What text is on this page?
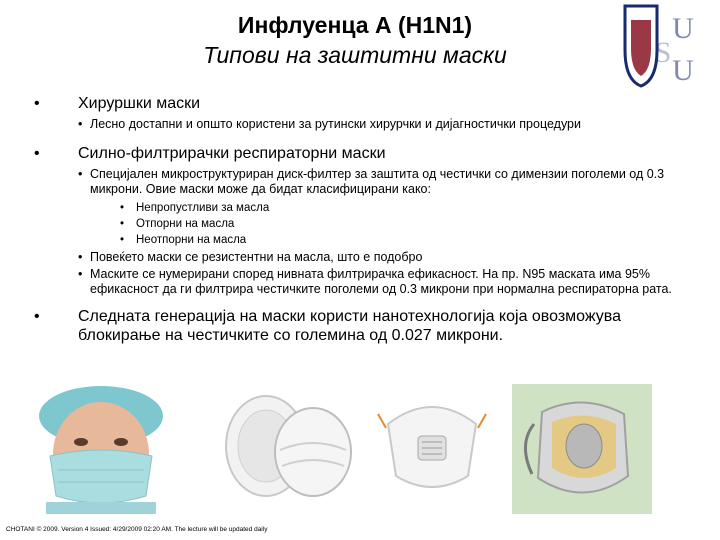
Инфлуенца А (H1N1)
Типови на заштитни маски
U
U
S
• Хируршки маски
• Лесно достапни и општо користени за рутински хирурчки и дијагностички процедури
• Силно-филтрирачки респираторни маски
• Специјален микроструктуриран диск-филтер за заштита од честички со димензии поголеми од 0.3 микрони. Овие маски може да бидат класифицирани како:
• Непропустливи за масла
• Отпорни на масла
• Неотпорни на масла
• Повеќето маски се резистентни на масла, што е подобро
• Маските се нумерирани според нивната филтрирачка ефикасност. На пр. N95 маската има 95% ефикасност да ги филтрира честичките поголеми од 0.3 микрони при нормална респираторна рата.
• Следната генерација на маски користи нанотехнологија која овозможува блокирање на честичките со големина од 0.027 микрони.
CHOTANI © 2009. Version 4 Issued: 4/29/2009 02:20 AM. The lecture will be updated daily
